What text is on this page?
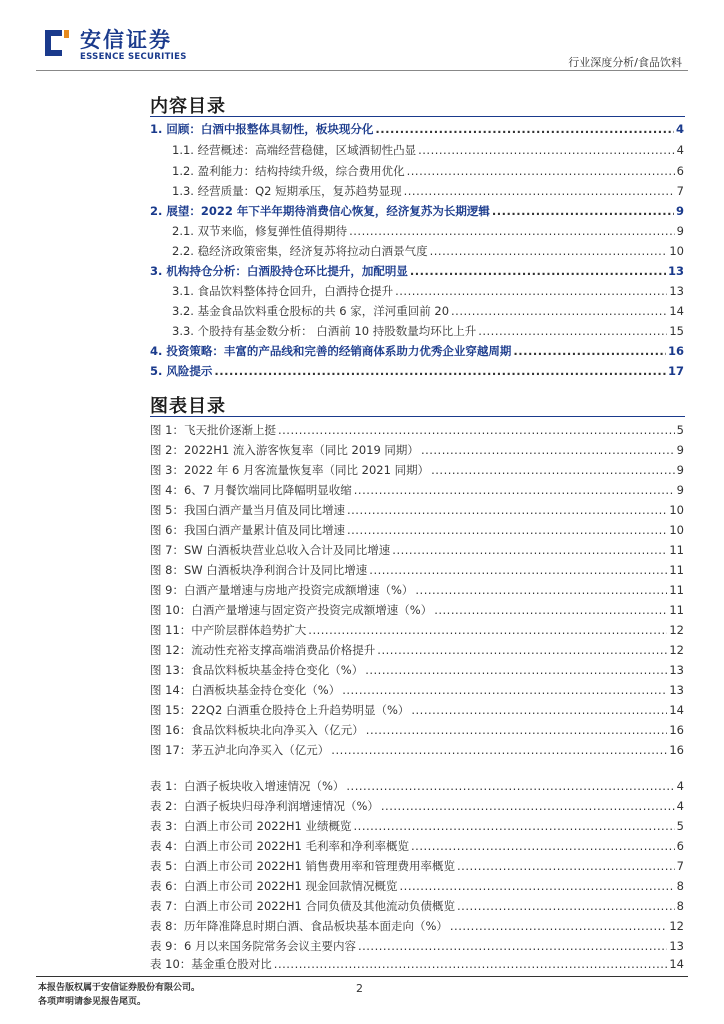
安信证券
ESSENCE SECURITIES	行业深度分析/食品饮料
内容目录
1. 回顾：白酒中报整体具韧性，板块现分化 .....	4
1.1. 经营概述：高端经营稳健，区域酒韧性凸显 .....	4
1.2. 盈利能力：结构持续升级，综合费用优化 .....	6
1.3. 经营质量：Q2 短期承压，复苏趋势显现 .....	7
2. 展望：2022 年下半年期待消费信心恢复，经济复苏为长期逻辑 .....	9
2.1. 双节来临，修复弹性值得期待 .....	9
2.2. 稳经济政策密集，经济复苏将拉动白酒景气度 .....	10
3. 机构持仓分析：白酒股持仓环比提升，加配明显 .....	13
3.1. 食品饮料整体持仓回升，白酒持仓提升 .....	13
3.2. 基金食品饮料重仓股标的共 6 家，洋河重回前 20 .....	14
3.3. 个股持有基金数分析： 白酒前 10 持股数量均环比上升 .....	15
4. 投资策略：丰富的产品线和完善的经销商体系助力优秀企业穿越周期 .....	16
5. 风险提示 .....	17
图表目录
图 1：飞天批价逐渐上挺 .....	5
图 2：2022H1 流入游客恢复率（同比 2019 同期） .....	9
图 3：2022 年 6 月客流量恢复率（同比 2021 同期） .....	9
图 4：6、7 月餐饮端同比降幅明显收缩 .....	9
图 5：我国白酒产量当月值及同比增速 .....	10
图 6：我国白酒产量累计值及同比增速 .....	10
图 7：SW 白酒板块营业总收入合计及同比增速 .....	11
图 8：SW 白酒板块净利润合计及同比增速 .....	11
图 9：白酒产量增速与房地产投资完成额增速（%） .....	11
图 10：白酒产量增速与固定资产投资完成额增速（%） .....	11
图 11：中产阶层群体趋势扩大 .....	12
图 12：流动性充裕支撑高端消费品价格提升 .....	12
图 13：食品饮料板块基金持仓变化（%） .....	13
图 14：白酒板块基金持仓变化（%） .....	13
图 15：22Q2 白酒重仓股持仓上升趋势明显（%） .....	14
图 16：食品饮料板块北向净买入（亿元） .....	16
图 17：茅五泸北向净买入（亿元） .....	16
表 1：白酒子板块收入增速情况（%） .....	4
表 2：白酒子板块归母净利润增速情况（%） .....	4
表 3：白酒上市公司 2022H1 业绩概览 .....	5
表 4：白酒上市公司 2022H1 毛利率和净利率概览 .....	6
表 5：白酒上市公司 2022H1 销售费用率和管理费用率概览 .....	7
表 6：白酒上市公司 2022H1 现金回款情况概览 .....	8
表 7：白酒上市公司 2022H1 合同负债及其他流动负债概览 .....	8
表 8：历年降准降息时期白酒、食品板块基本面走向（%） .....	12
表 9：6 月以来国务院常务会议主要内容 .....	13
表 10：基金重仓股对比 .....	14
本报告版权属于安信证券股份有限公司。
各项声明请参见报告尾页。
2
